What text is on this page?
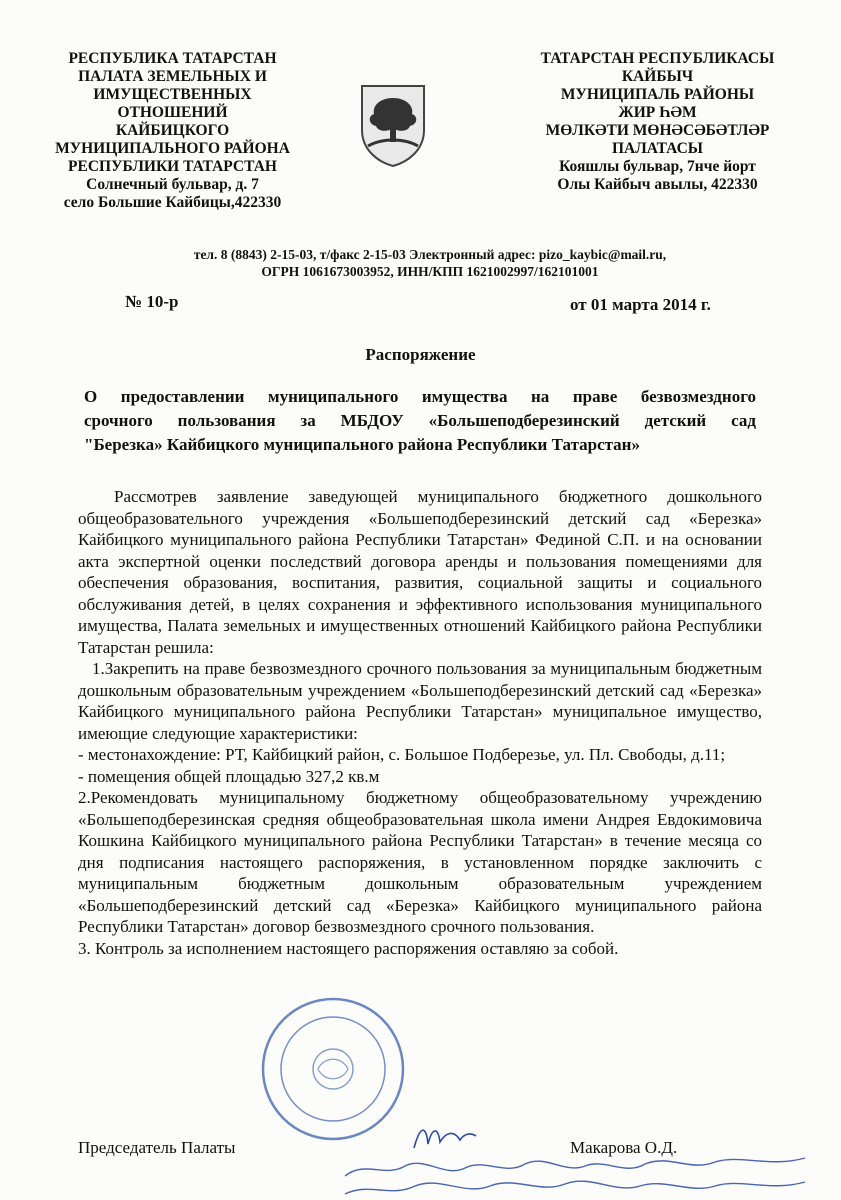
РЕСПУБЛИКА ТАТАРСТАН
ПАЛАТА ЗЕМЕЛЬНЫХ И
ИМУЩЕСТВЕННЫХ
ОТНОШЕНИЙ
КАЙБИЦКОГО
МУНИЦИПАЛЬНОГО РАЙОНА
РЕСПУБЛИКИ ТАТАРСТАН
Солнечный бульвар, д. 7
село Большие Кайбицы,422330
ТАТАРСТАН РЕСПУБЛИКАСЫ
КАЙБЫЧ
МУНИЦИПАЛЬ РАЙОНЫ
ЖИР ҺӘМ
МӨЛКӘТИ МӨНӘСӘБӘТЛӘР
ПАЛАТАСЫ
Кояшлы бульвар, 7нче йорт
Олы Кайбыч авылы, 422330
тел. 8 (8843) 2-15-03, т/факс 2-15-03 Электронный адрес: pizo_kaybic@mail.ru,
ОГРН 1061673003952, ИНН/КПП 1621002997/162101001
№ 10-р	от 01 марта 2014 г.
Распоряжение
О предоставлении муниципального имущества на праве безвозмездного
срочного пользования за МБДОУ «Большеподберезинский детский сад
"Березка» Кайбицкого муниципального района Республики Татарстан»

Рассмотрев заявление заведующей муниципального бюджетного дошкольного общеобразовательного учреждения «Большеподберезинский детский сад «Березка» Кайбицкого муниципального района Республики Татарстан» Фединой С.П. и на основании акта экспертной оценки последствий договора аренды и пользования помещениями для обеспечения образования, воспитания, развития, социальной защиты и социального обслуживания детей, в целях сохранения и эффективного использования муниципального имущества, Палата земельных и имущественных отношений Кайбицкого района Республики Татарстан решила:

1.Закрепить на праве безвозмездного срочного пользования за муниципальным бюджетным дошкольным образовательным учреждением «Большеподберезинский детский сад «Березка» Кайбицкого муниципального района Республики Татарстан» муниципальное имущество, имеющие следующие характеристики:

- местонахождение: РТ, Кайбицкий район, с. Большое Подберезье, ул. Пл. Свободы, д.11;

- помещения общей площадью 327,2 кв.м

2.Рекомендовать муниципальному бюджетному общеобразовательному учреждению «Большеподберезинская средняя общеобразовательная школа имени Андрея Евдокимовича Кошкина Кайбицкого муниципального района Республики Татарстан» в течение месяца со дня подписания настоящего распоряжения, в установленном порядке заключить с муниципальным бюджетным дошкольным образовательным учреждением «Большеподберезинский детский сад «Березка» Кайбицкого муниципального района Республики Татарстан» договор безвозмездного срочного пользования.

3. Контроль за исполнением настоящего распоряжения оставляю за собой.

Председатель Палаты	Макарова О.Д.
